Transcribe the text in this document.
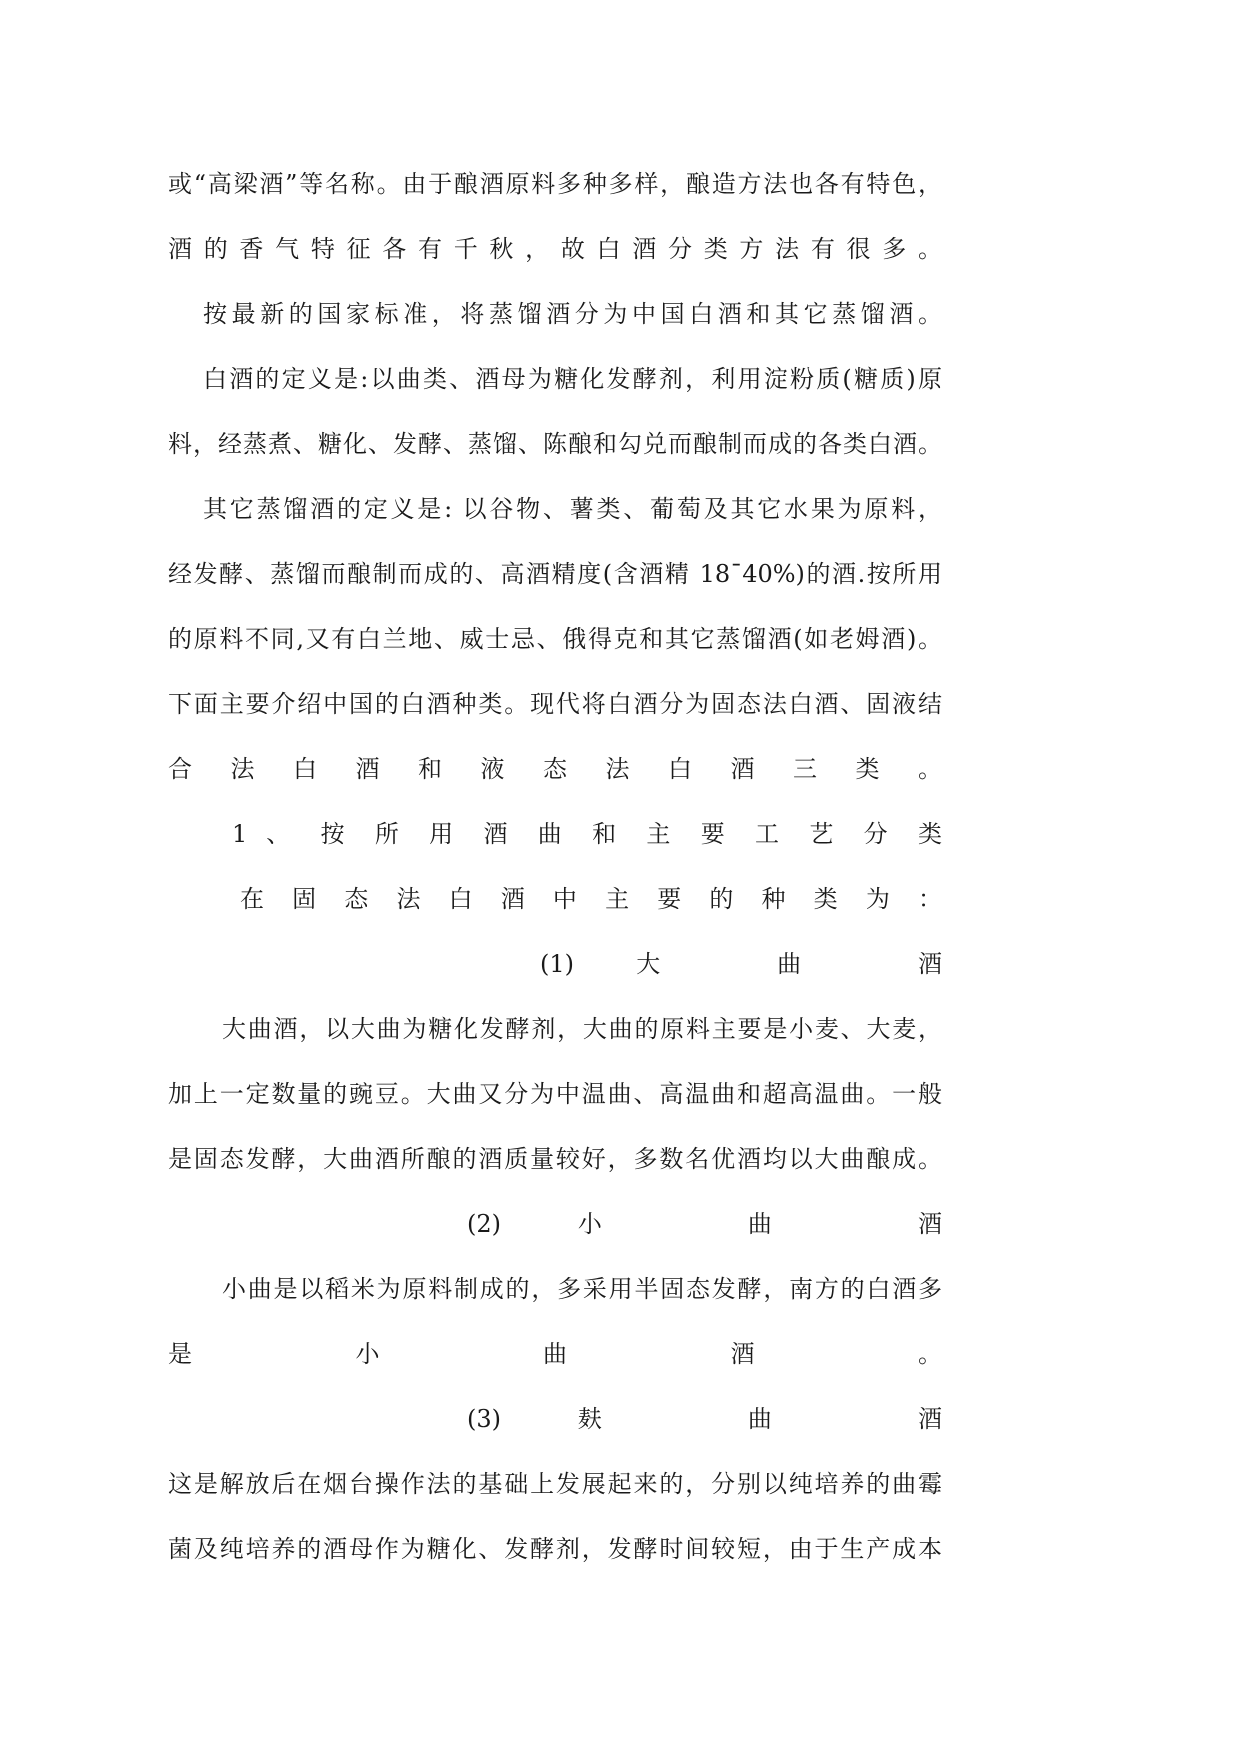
或“高梁酒”等名称。由于酿酒原料多种多样，酿造方法也各有特色，
酒 的 香 气 特 征 各 有 千 秋 ， 故 白 酒 分 类 方 法 有 很 多 。
按最新的国家标准，将蒸馏酒分为中国白酒和其它蒸馏酒。
白酒的定义是:以曲类、酒母为糖化发酵剂，利用淀粉质(糖质)原
料，经蒸煮、糖化、发酵、蒸馏、陈酿和勾兑而酿制而成的各类白酒。
其它蒸馏酒的定义是: 以谷物、薯类、葡萄及其它水果为原料，
经发酵、蒸馏而酿制而成的、高酒精度(含酒精 18¯40%)的酒.按所用
的原料不同,又有白兰地、威士忌、俄得克和其它蒸馏酒(如老姆酒)。
下面主要介绍中国的白酒种类。现代将白酒分为固态法白酒、固液结
合 法 白 酒 和 液 态 法 白 酒 三 类 。
1 、 按 所 用 酒 曲 和 主 要 工 艺 分 类
在 固 态 法 白 酒 中 主 要 的 种 类 为 ：
(1) 大 曲 酒
大曲酒，以大曲为糖化发酵剂，大曲的原料主要是小麦、大麦，
加上一定数量的豌豆。大曲又分为中温曲、高温曲和超高温曲。一般
是固态发酵，大曲酒所酿的酒质量较好，多数名优酒均以大曲酿成。
(2) 小 曲 酒
小曲是以稻米为原料制成的，多采用半固态发酵，南方的白酒多
是 小 曲 酒 。
(3) 麸 曲 酒
这是解放后在烟台操作法的基础上发展起来的，分别以纯培养的曲霉
菌及纯培养的酒母作为糖化、发酵剂，发酵时间较短，由于生产成本
